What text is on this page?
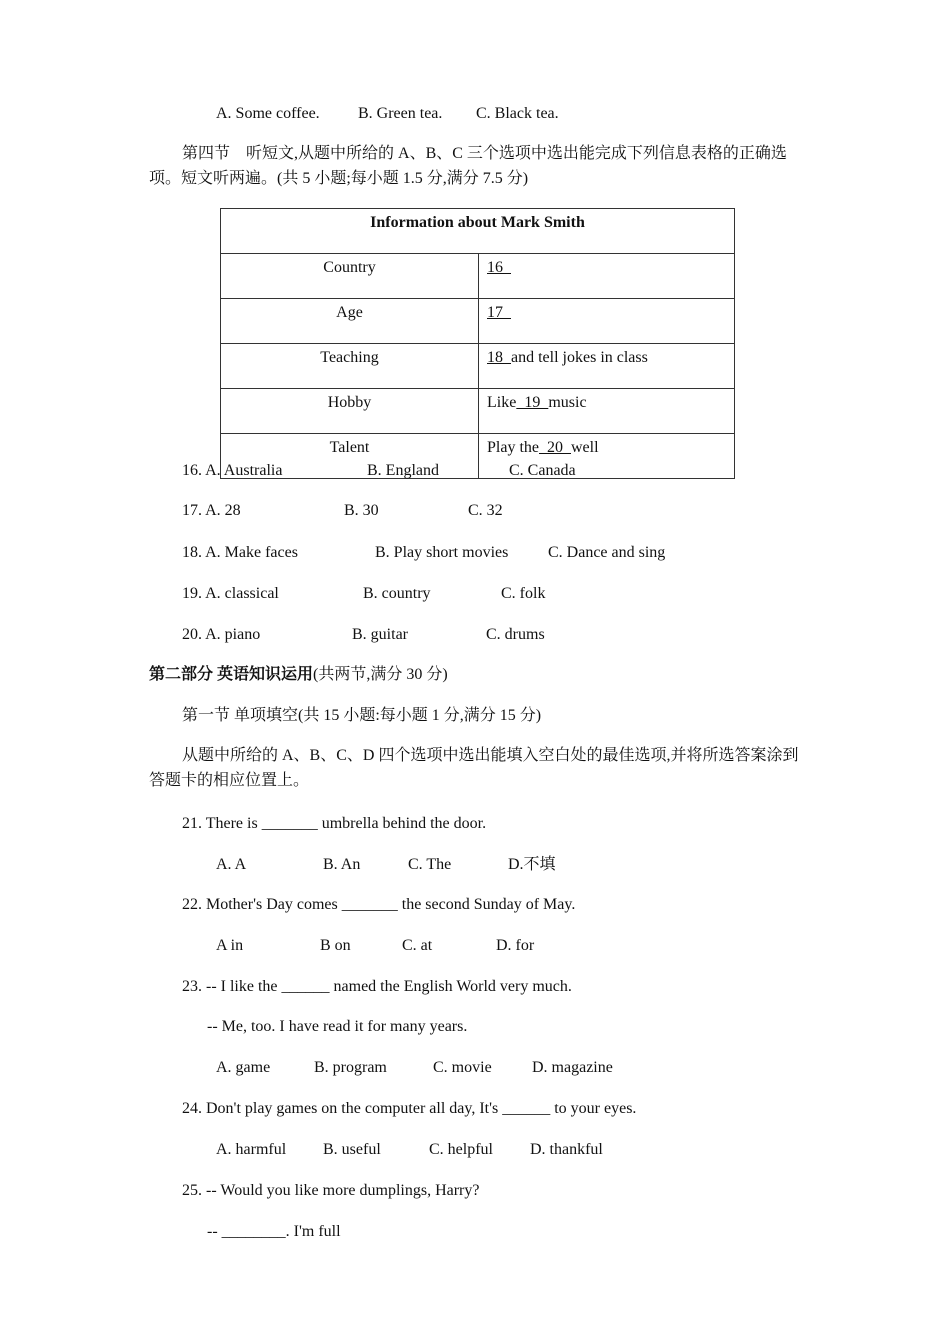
A. Some coffee. B. Green tea. C. Black tea.
第四节　 听短文,从题中所给的 A、B、C 三个选项中选出能完成下列信息表格的正确选
项。短文听两遍。(共 5 小题;每小题 1.5 分,满分 7.5 分)
Information about Mark Smith	
Country	16
Age	17
Teaching	18  and tell jokes in class
Hobby	Like  19  music
Talent	Play the  20  well
16. A. Australia	B. England	C. Canada
17. A. 28	B. 30	C. 32
18. A. Make faces	B. Play short movies C. Dance and sing
19. A. classical	B. country	C. folk
20. A. piano	B. guitar	C. drums
第二部分 英语知识运用(共两节,满分 30 分)
第一节 单项填空(共 15 小题:每小题 1 分,满分 15 分)
从题中所给的 A、B、C、D 四个选项中选出能填入空白处的最佳选项,并将所选答案涂到
答题卡的相应位置上。
21. There is _______ umbrella behind the door.
A. A	B. An	C. The	D.不填
22. Mother's Day comes _______ the second Sunday of May.
A in	B on	C. at	D. for
23. -- I like the ______ named the English World very much.
-- Me, too. I have read it for many years.
A. game	B. program	C. movie	D. magazine
24. Don't play games on the computer all day, It's ______ to your eyes.
A. harmful B. useful	C. helpful D. thankful
25. -- Would you like more dumplings, Harry?
-- ________. I'm full
